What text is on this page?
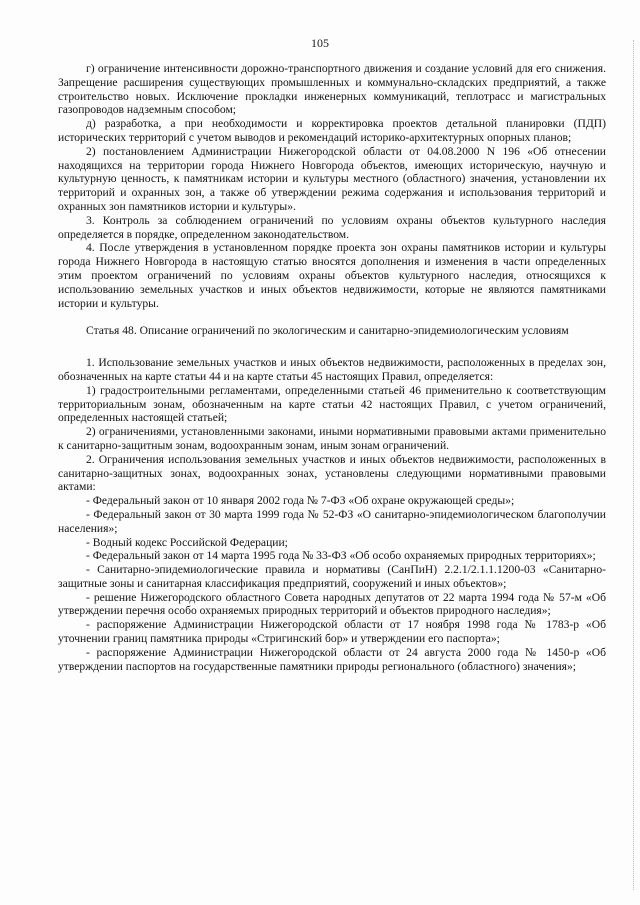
105

г) ограничение интенсивности дорожно-транспортного движения и создание условий для его снижения. Запрещение расширения существующих промышленных и коммунально-складских предприятий, а также строительство новых. Исключение прокладки инженерных коммуникаций, теплотрасс и магистральных газопроводов надземным способом;

д) разработка, а при необходимости и корректировка проектов детальной планировки (ПДП) исторических территорий с учетом выводов и рекомендаций историко-архитектурных опорных планов;

2) постановлением Администрации Нижегородской области от 04.08.2000 N 196 «Об отнесении находящихся на территории города Нижнего Новгорода объектов, имеющих историческую, научную и культурную ценность, к памятникам истории и культуры местного (областного) значения, установлении их территорий и охранных зон, а также об утверждении режима содержания и использования территорий и охранных зон памятников истории и культуры».

3. Контроль за соблюдением ограничений по условиям охраны объектов культурного наследия определяется в порядке, определенном законодательством.

4. После утверждения в установленном порядке проекта зон охраны памятников истории и культуры города Нижнего Новгорода в настоящую статью вносятся дополнения и изменения в части определенных этим проектом ограничений по условиям охраны объектов культурного наследия, относящихся к использованию земельных участков и иных объектов недвижимости, которые не являются памятниками истории и культуры.

Статья 48. Описание ограничений по экологическим и санитарно-эпидемиологическим условиям

1. Использование земельных участков и иных объектов недвижимости, расположенных в пределах зон, обозначенных на карте статьи 44 и на карте статьи 45 настоящих Правил, определяется:

1) градостроительными регламентами, определенными статьей 46 применительно к соответствующим территориальным зонам, обозначенным на карте статьи 42 настоящих Правил, с учетом ограничений, определенных настоящей статьей;

2) ограничениями, установленными законами, иными нормативными правовыми актами применительно к санитарно-защитным зонам, водоохранным зонам, иным зонам ограничений.

2. Ограничения использования земельных участков и иных объектов недвижимости, расположенных в санитарно-защитных зонах, водоохранных зонах, установлены следующими нормативными правовыми актами:

- Федеральный закон от 10 января 2002 года № 7-ФЗ «Об охране окружающей среды»;

- Федеральный закон от 30 марта 1999 года № 52-ФЗ «О санитарно-эпидемиологическом благополучии населения»;

- Водный кодекс Российской Федерации;

- Федеральный закон от 14 марта 1995 года № 33-ФЗ «Об особо охраняемых природных территориях»;

- Санитарно-эпидемиологические правила и нормативы (СанПиН) 2.2.1/2.1.1.1200-03 «Санитарно-защитные зоны и санитарная классификация предприятий, сооружений и иных объектов»;

- решение Нижегородского областного Совета народных депутатов от 22 марта 1994 года № 57-м «Об утверждении перечня особо охраняемых природных территорий и объектов природного наследия»;

- распоряжение Администрации Нижегородской области от 17 ноября 1998 года № 1783-р «Об уточнении границ памятника природы «Стригинский бор» и утверждении его паспорта»;

- распоряжение Администрации Нижегородской области от 24 августа 2000 года № 1450-р «Об утверждении паспортов на государственные памятники природы регионального (областного) значения»;
